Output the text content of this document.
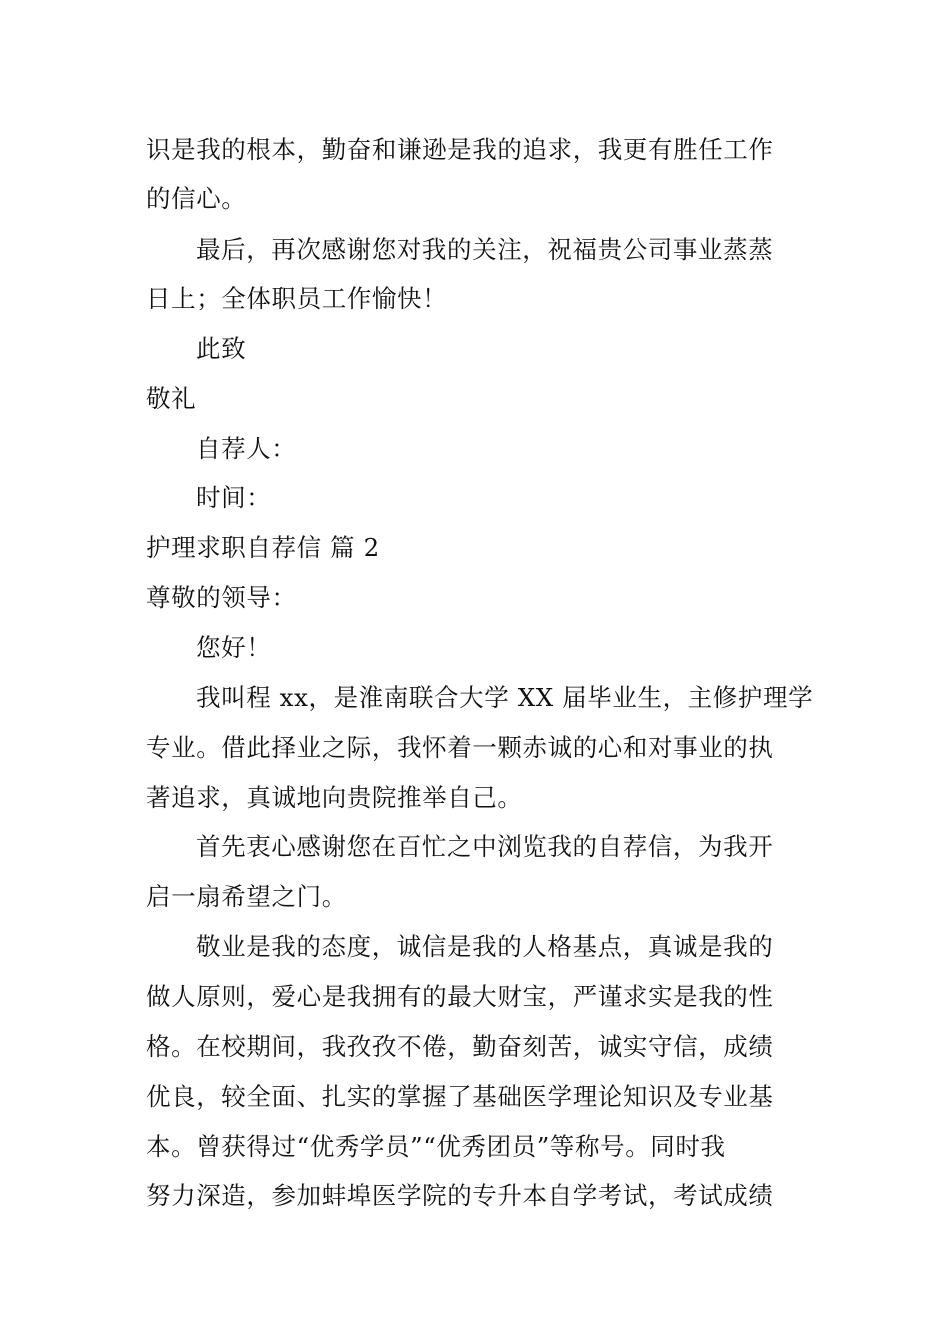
识是我的根本，勤奋和谦逊是我的追求，我更有胜任工作
的信心。
最后，再次感谢您对我的关注，祝福贵公司事业蒸蒸
日上；全体职员工作愉快！
此致
敬礼
自荐人：
时间：
护理求职自荐信 篇 2
尊敬的领导：
您好！
我叫程 xx，是淮南联合大学 XX 届毕业生，主修护理学
专业。借此择业之际，我怀着一颗赤诚的心和对事业的执
著追求，真诚地向贵院推举自己。
首先衷心感谢您在百忙之中浏览我的自荐信，为我开
启一扇希望之门。
敬业是我的态度，诚信是我的人格基点，真诚是我的
做人原则，爱心是我拥有的最大财宝，严谨求实是我的性
格。在校期间，我孜孜不倦，勤奋刻苦，诚实守信，成绩
优良，较全面、扎实的掌握了基础医学理论知识及专业基
本。曾获得过“优秀学员”“优秀团员”等称号。同时我
努力深造，参加蚌埠医学院的专升本自学考试，考试成绩
